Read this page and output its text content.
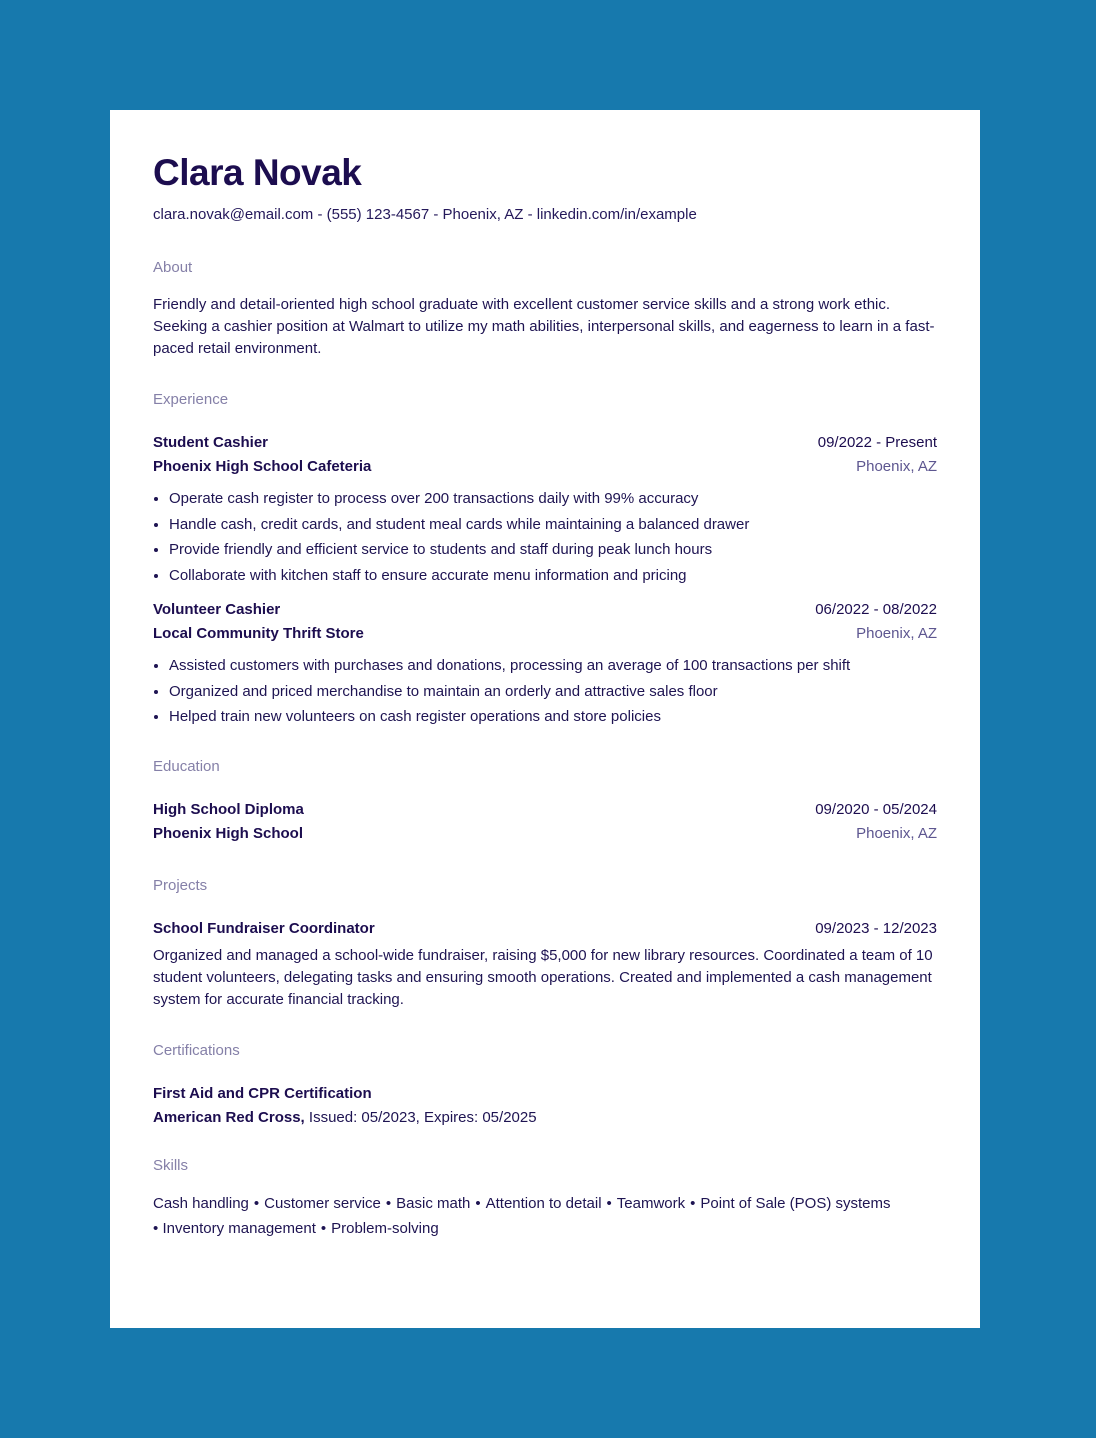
Clara Novak
clara.novak@email.com - (555) 123-4567 - Phoenix, AZ - linkedin.com/in/example
About
Friendly and detail-oriented high school graduate with excellent customer service skills and a strong work ethic. Seeking a cashier position at Walmart to utilize my math abilities, interpersonal skills, and eagerness to learn in a fast-paced retail environment.
Experience
Student Cashier	09/2022 - Present
Phoenix High School Cafeteria	Phoenix, AZ
• Operate cash register to process over 200 transactions daily with 99% accuracy
• Handle cash, credit cards, and student meal cards while maintaining a balanced drawer
• Provide friendly and efficient service to students and staff during peak lunch hours
• Collaborate with kitchen staff to ensure accurate menu information and pricing
Volunteer Cashier	06/2022 - 08/2022
Local Community Thrift Store	Phoenix, AZ
• Assisted customers with purchases and donations, processing an average of 100 transactions per shift
• Organized and priced merchandise to maintain an orderly and attractive sales floor
• Helped train new volunteers on cash register operations and store policies
Education
High School Diploma	09/2020 - 05/2024
Phoenix High School	Phoenix, AZ
Projects
School Fundraiser Coordinator	09/2023 - 12/2023
Organized and managed a school-wide fundraiser, raising $5,000 for new library resources. Coordinated a team of 10 student volunteers, delegating tasks and ensuring smooth operations. Created and implemented a cash management system for accurate financial tracking.
Certifications
First Aid and CPR Certification
American Red Cross, Issued: 05/2023, Expires: 05/2025
Skills
Cash handling • Customer service • Basic math • Attention to detail • Teamwork • Point of Sale (POS) systems
• Inventory management • Problem-solving
